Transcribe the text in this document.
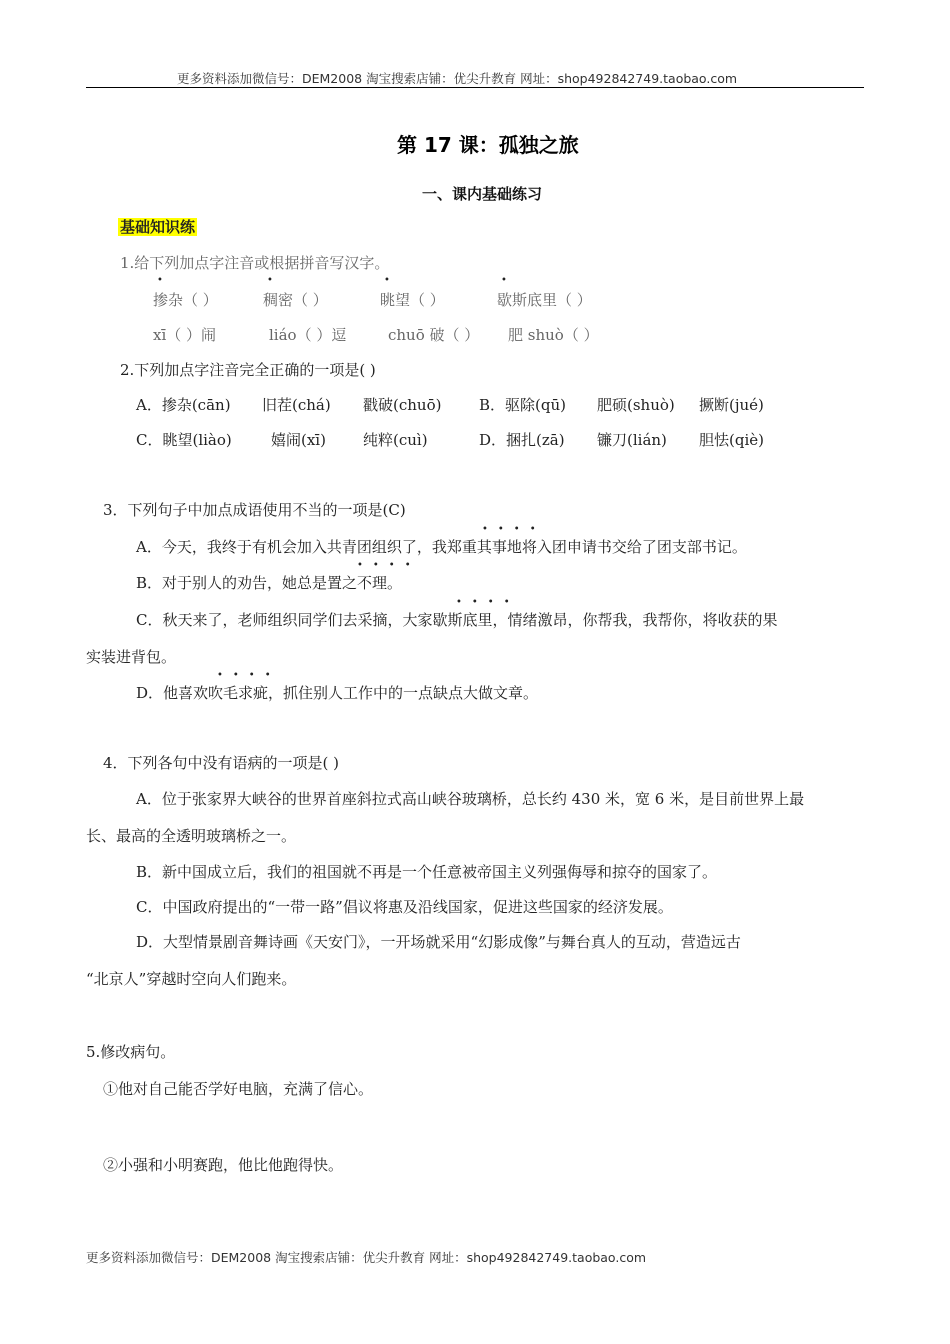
更多资料添加微信号：DEM2008 淘宝搜索店铺：优尖升教育 网址：shop492842749.taobao.com
第 17 课：孤独之旅
一、课内基础练习
基础知识练
1.给下列加点字注音或根据拼音写汉字。
•	•	•	•
掺杂（ ）	稠密（ ）	眺望（ ）	歇斯底里（ ）
xī（ ）闹	liáo（ ）逗	chuō 破（ ） 肥 shuò（ ）
2.下列加点字注音完全正确的一项是( )
A．掺杂(cān) 旧茬(chá) 戳破(chuō)	B．驱除(qū) 肥硕(shuò) 撅断(jué)
C．眺望(liào)	嬉闹(xī) 纯粹(cuì)	D．捆扎(zā) 镰刀(lián) 胆怯(qiè)
3．下列句子中加点成语使用不当的一项是(C)
••••
A．今天，我终于有机会加入共青团组织了，我郑重其事地将入团申请书交给了团支部书记。
••••
B．对于别人的劝告，她总是置之不理。
••••
C．秋天来了，老师组织同学们去采摘，大家歇斯底里，情绪激昂，你帮我，我帮你，将收获的果
实装进背包。
••••
D．他喜欢吹毛求疵，抓住别人工作中的一点缺点大做文章。
4．下列各句中没有语病的一项是( )
A．位于张家界大峡谷的世界首座斜拉式高山峡谷玻璃桥，总长约 430 米，宽 6 米，是目前世界上最
长、最高的全透明玻璃桥之一。
B．新中国成立后，我们的祖国就不再是一个任意被帝国主义列强侮辱和掠夺的国家了。
C．中国政府提出的“一带一路”倡议将惠及沿线国家，促进这些国家的经济发展。
D．大型情景剧音舞诗画《天安门》，一开场就采用“幻影成像”与舞台真人的互动，营造远古
“北京人”穿越时空向人们跑来。
5.修改病句。
①他对自己能否学好电脑，充满了信心。
②小强和小明赛跑，他比他跑得快。
更多资料添加微信号：DEM2008 淘宝搜索店铺：优尖升教育 网址：shop492842749.taobao.com
